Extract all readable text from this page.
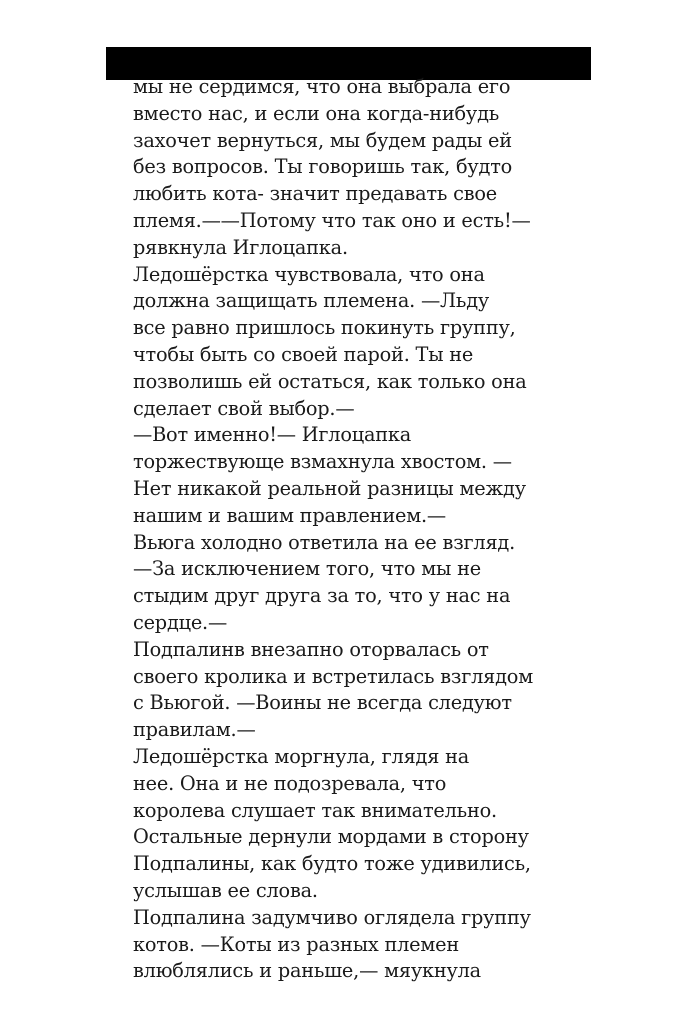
мы не сердимся, что она выбрала его
вместо нас, и если она когда-нибудь
захочет вернуться, мы будем рады ей
без вопросов. Ты говоришь так, будто
любить кота- значит предавать свое
племя.——Потому что так оно и есть!—
рявкнула Иглоцапка.
Ледошёрстка чувствовала, что она
должна защищать племена. —Льду
все равно пришлось покинуть группу,
чтобы быть со своей парой. Ты не
позволишь ей остаться, как только она
сделает свой выбор.—
—Вот именно!— Иглоцапка
торжествующе взмахнула хвостом. —
Нет никакой реальной разницы между
нашим и вашим правлением.—
Вьюга холодно ответила на ее взгляд.
—За исключением того, что мы не
стыдим друг друга за то, что у нас на
сердце.—
Подпалинв внезапно оторвалась от
своего кролика и встретилась взглядом
с Вьюгой. —Воины не всегда следуют
правилам.—
Ледошёрстка моргнула, глядя на
нее. Она и не подозревала, что
королева слушает так внимательно.
Остальные дернули мордами в сторону
Подпалины, как будто тоже удивились,
услышав ее слова.
Подпалина задумчиво оглядела группу
котов. —Коты из разных племен
влюблялись и раньше,— мяукнула
